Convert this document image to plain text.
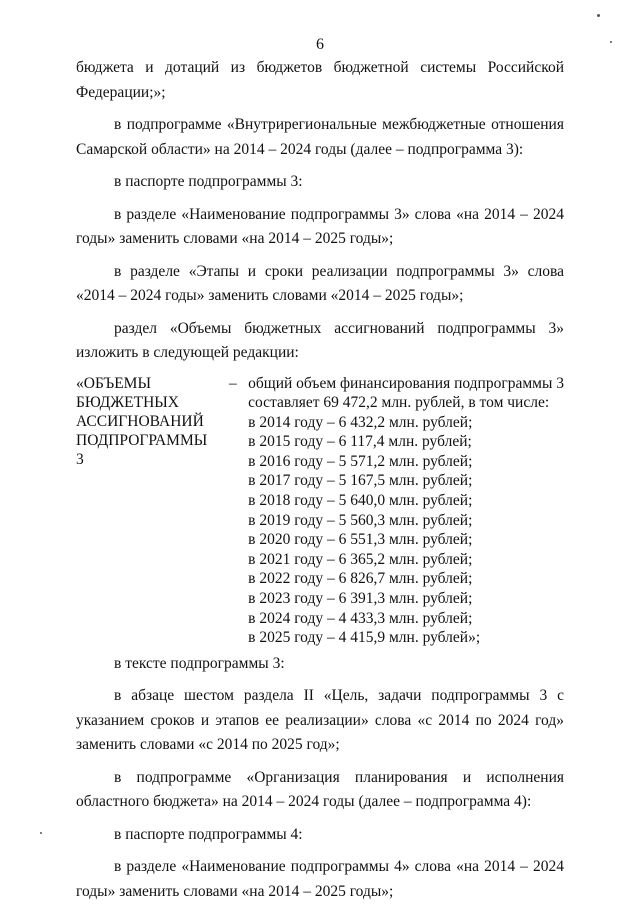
6

бюджета и дотаций из бюджетов бюджетной системы Российской Федерации;»;

в подпрограмме «Внутрирегиональные межбюджетные отношения Самарской области» на 2014 – 2024 годы (далее – подпрограмма 3):

в паспорте подпрограммы 3:

в разделе «Наименование подпрограммы 3» слова «на 2014 – 2024 годы» заменить словами «на 2014 – 2025 годы»;

в разделе «Этапы и сроки реализации подпрограммы 3» слова «2014 – 2024 годы» заменить словами «2014 – 2025 годы»;

раздел «Объемы бюджетных ассигнований подпрограммы 3» изложить в следующей редакции:

«ОБЪЕМЫ
БЮДЖЕТНЫХ
АССИГНОВАНИЙ
ПОДПРОГРАММЫ 3
– общий объем финансирования подпрограммы 3
составляет 69 472,2 млн. рублей, в том числе:
в 2014 году – 6 432,2 млн. рублей;
в 2015 году – 6 117,4 млн. рублей;
в 2016 году – 5 571,2 млн. рублей;
в 2017 году – 5 167,5 млн. рублей;
в 2018 году – 5 640,0 млн. рублей;
в 2019 году – 5 560,3 млн. рублей;
в 2020 году – 6 551,3 млн. рублей;
в 2021 году – 6 365,2 млн. рублей;
в 2022 году – 6 826,7 млн. рублей;
в 2023 году – 6 391,3 млн. рублей;
в 2024 году – 4 433,3 млн. рублей;
в 2025 году – 4 415,9 млн. рублей»;

в тексте подпрограммы 3:

в абзаце шестом раздела II «Цель, задачи подпрограммы 3 с указанием сроков и этапов ее реализации» слова «с 2014 по 2024 год» заменить словами «с 2014 по 2025 год»;

в подпрограмме «Организация планирования и исполнения областного бюджета» на 2014 – 2024 годы (далее – подпрограмма 4):

в паспорте подпрограммы 4:

в разделе «Наименование подпрограммы 4» слова «на 2014 – 2024 годы» заменить словами «на 2014 – 2025 годы»;
